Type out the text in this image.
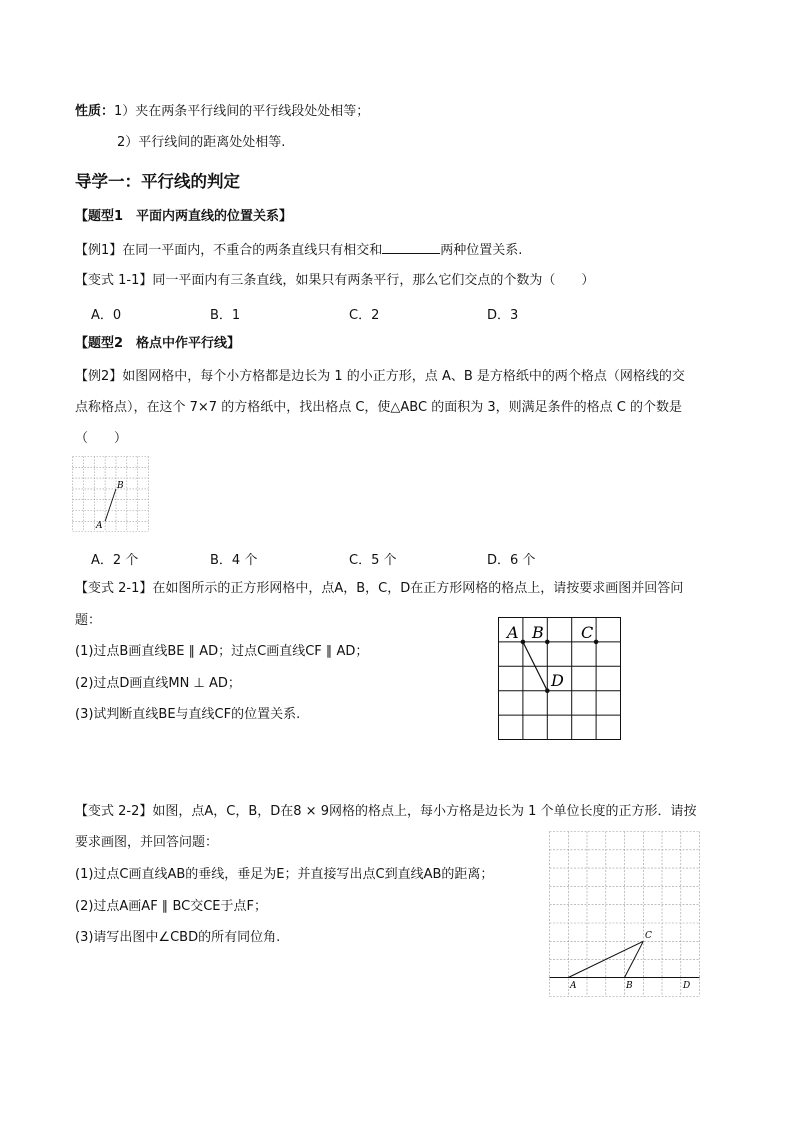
性质：1）夹在两条平行线间的平行线段处处相等；
2）平行线间的距离处处相等.
导学一：平行线的判定
【题型1　平面内两直线的位置关系】
【例1】在同一平面内，不重合的两条直线只有相交和	两种位置关系.
【变式 1-1】同一平面内有三条直线，如果只有两条平行，那么它们交点的个数为（　　）
A．0	B．1	C．2	D．3
【题型2　格点中作平行线】
【例2】如图网格中，每个小方格都是边长为 1 的小正方形，点 A、B 是方格纸中的两个格点（网格线的交
点称格点），在这个 7×7 的方格纸中，找出格点 C，使△ABC 的面积为 3，则满足条件的格点 C 的个数是
（　　）
A
B
A．2 个	B．4 个	C．5 个	D．6 个
【变式 2-1】在如图所示的正方形网格中，点A，B，C，D在正方形网格的格点上，请按要求画图并回答问
题：
(1)过点B画直线BE ∥ AD；过点C画直线CF ∥ AD；
(2)过点D画直线MN ⊥ AD；
(3)试判断直线BE与直线CF的位置关系.
A B C
D
【变式 2-2】如图，点A，C，B，D在8 × 9网格的格点上，每小方格是边长为 1 个单位长度的正方形．请按
要求画图，并回答问题：
(1)过点C画直线AB的垂线，垂足为E；并直接写出点C到直线AB的距离；
(2)过点A画AF ∥ BC交CE于点F；
(3)请写出图中∠CBD的所有同位角.
A	B
C
D
